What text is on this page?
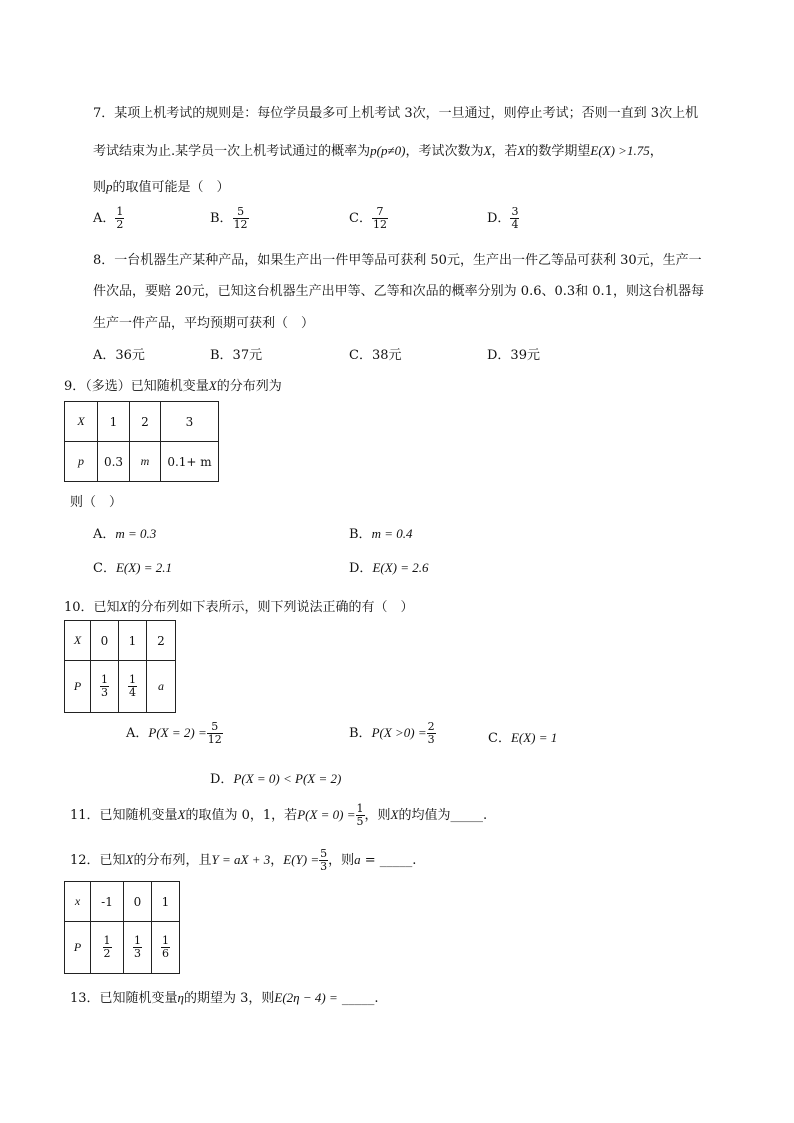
7．某项上机考试的规则是：每位学员最多可上机考试 3次，一旦通过，则停止考试；否则一直到 3次上机
考试结束为止.某学员一次上机考试通过的概率为p(p≠0)，考试次数为X，若X的数学期望E(X) >1.75，
则p的取值可能是（　）
A． $\frac{1}{2}$	B． $\frac{5}{12}$	C． $\frac{7}{12}$	D． $\frac{3}{4}$
8．一台机器生产某种产品，如果生产出一件甲等品可获利 50元，生产出一件乙等品可获利 30元，生产一
件次品，要赔 20元，已知这台机器生产出甲等、乙等和次品的概率分别为 0.6、0.3和 0.1，则这台机器每
生产一件产品，平均预期可获利（　）
A．36元	B．37元	C．38元	D．39元
9．（多选）已知随机变量X的分布列为
X	1	2	3
p	0.3	m	0.1+ m
则（　）
A．m = 0.3	B．m = 0.4
C．E(X) = 2.1	D．E(X) = 2.6
10．已知X的分布列如下表所示，则下列说法正确的有（　）
X	0	1	2
P	$\frac{1}{3}$	$\frac{1}{4}$	a
A．$P(X = 2) = \frac{5}{12}$	B．$P(X >0) = \frac{2}{3}$	C．E(X) = 1
D．P(X = 0) < P(X = 2)
11．已知随机变量X的取值为 0，1，若$P(X = 0) = \frac{1}{5}$ ，则X的均值为_____.
12．已知X的分布列，且Y = aX + 3，$E(Y) = \frac{5}{3}$ ，则a = _____.
x	-1	0	1
P	$\frac{1}{2}$	$\frac{1}{3}$	$\frac{1}{6}$
13．已知随机变量η的期望为 3，则E(2η − 4) = _____.
